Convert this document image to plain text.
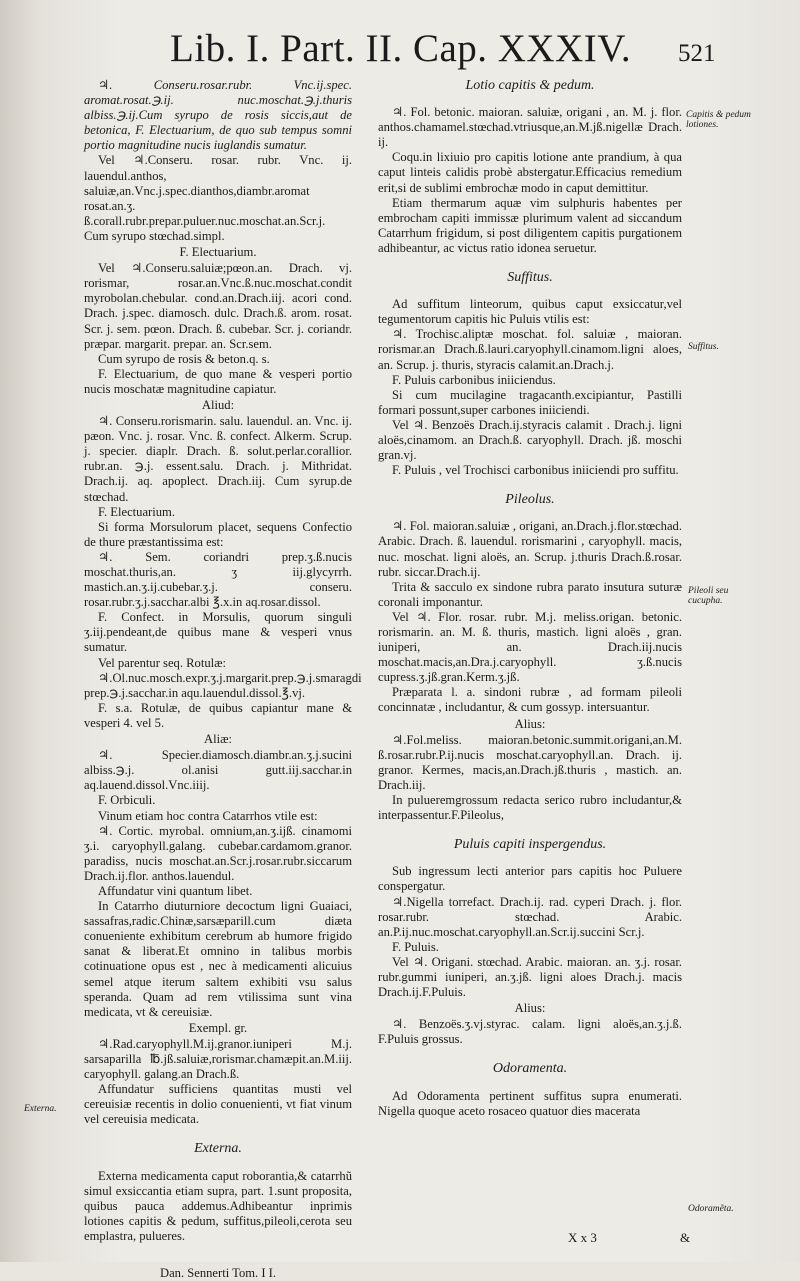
Lib. I. Part. II. Cap. XXXIV.	521

♃. Conseru.rosar.rubr. Vnc.ij.spec. aromat.rosat.℈.ij. nuc.moschat.℈.j.thuris albiss.℈.ij.Cum syrupo de rosis siccis,aut de betonica, F. Electuarium, de quo sub tempus somni portio magnitudine nucis iuglandis sumatur.

Vel ♃.Conseru. rosar. rubr. Vnc. ij. lauendul.anthos, saluiæ,an.Vnc.j.spec.dianthos,diambr.aromat rosat.an.ʒ. ß.corall.rubr.prepar.puluer.nuc.moschat.an.Scr.j. Cum syrupo stœchad.simpl.

F. Electuarium.

Vel ♃.Conseru.saluiæ;pœon.an. Drach. vj. rorismar, rosar.an.Vnc.ß.nuc.moschat.condit myrobolan.chebular. cond.an.Drach.iij. acori cond. Drach. j.spec. diamosch. dulc. Drach.ß. arom. rosat. Scr. j. sem. pœon. Drach. ß. cubebar. Scr. j. coriandr. præpar. margarit. prepar. an. Scr.sem.

Cum syrupo de rosis & beton.q. s.

F. Electuarium, de quo mane & vesperi portio nucis moschatæ magnitudine capiatur.

Aliud:

♃. Conseru.rorismarin. salu. lauendul. an. Vnc. ij. pæon. Vnc. j. rosar. Vnc. ß. confect. Alkerm. Scrup. j. specier. diaplr. Drach. ß. solut.perlar.corallior. rubr.an. ℈.j. essent.salu. Drach. j. Mithridat. Drach.ij. aq. apoplect. Drach.iij. Cum syrup.de stœchad.

F. Electuarium.

Si forma Morsulorum placet, sequens Confectio de thure præstantissima est:

♃. Sem. coriandri prep.ʒ.ß.nucis moschat.thuris,an. ʒ iij.glycyrrh. mastich.an.ʒ.ij.cubebar.ʒ.j. conseru. rosar.rubr.ʒ.j.sacchar.albi ℥.x.in aq.rosar.dissol.

F. Confect. in Morsulis, quorum singuli ʒ.iij.pendeant,de quibus mane & vesperi vnus sumatur.

Vel parentur seq. Rotulæ:

♃.Ol.nuc.mosch.expr.ʒ.j.margarit.prep.℈.j.smaragdi prep.℈.j.sacchar.in aqu.lauendul.dissol.℥.vj.

F. s.a. Rotulæ, de quibus capiantur mane & vesperi 4. vel 5.

Aliæ:

♃. Specier.diamosch.diambr.an.ʒ.j.sucini albiss.℈.j. ol.anisi gutt.iij.sacchar.in aq.lauend.dissol.Vnc.iiij.

F. Orbiculi.

Vinum etiam hoc contra Catarrhos vtile est:

♃. Cortic. myrobal. omnium,an.ʒ.ijß. cinamomi ʒ.i. caryophyll.galang. cubebar.cardamom.granor. paradiss, nucis moschat.an.Scr.j.rosar.rubr.siccarum Drach.ij.flor. anthos.lauendul.

Affundatur vini quantum libet.

In Catarrho diuturniore decoctum ligni Guaiaci, sassafras,radic.Chinæ,sarsæparill.cum diæta conueniente exhibitum cerebrum ab humore frigido sanat & liberat.Et omnino in talibus morbis cotinuatione opus est , nec à medicamenti alicuius semel atque iterum saltem exhibiti vsu salus speranda. Quam ad rem vtilissima sunt vina medicata, vt & cereuisiæ.

Exempl. gr.

♃.Rad.caryophyll.M.ij.granor.iuniperi M.j. sarsaparilla ℔.jß.saluiæ,rorismar.chamæpit.an.M.iij. caryophyll. galang.an Drach.ß.

Affundatur sufficiens quantitas musti vel cereuisiæ recentis in dolio conuenienti, vt fiat vinum vel cereuisia medicata.

Externa.

Externa medicamenta caput roborantia,& catarrhũ simul exsiccantia etiam supra, part. 1.sunt proposita, quibus pauca addemus.Adhibeantur inprimis lotiones capitis & pedum, suffitus,pileoli,cerota seu emplastra, pulueres.

Dan. Sennerti Tom. I I.

Lotio capitis & pedum.

♃. Fol. betonic. maioran. saluiæ, origani , an. M. j. flor. anthos.chamamel.stœchad.vtriusque,an.M.jß.nigellæ Drach. ij.

Coqu.in lixiuio pro capitis lotione ante prandium, à qua caput linteis calidis probè abstergatur.Efficacius remedium erit,si de sublimi embrochæ modo in caput demittitur.

Etiam thermarum aquæ vim sulphuris habentes per embrocham capiti immissæ plurimum valent ad siccandum Catarrhum frigidum, si post diligentem capitis purgationem adhibeantur, ac victus ratio idonea seruetur.

Suffitus.

Ad suffitum linteorum, quibus caput exsiccatur,vel tegumentorum capitis hic Puluis vtilis est:

♃. Trochisc.aliptæ moschat. fol. saluiæ , maioran. rorismar.an Drach.ß.lauri.caryophyll.cinamom.ligni aloes, an. Scrup. j. thuris, styracis calamit.an.Drach.j.

F. Puluis carbonibus iniiciendus.

Si cum mucilagine tragacanth.excipiantur, Pastilli formari possunt,super carbones iniiciendi.

Vel ♃. Benzoës Drach.ij.styracis calamit . Drach.j. ligni aloës,cinamom. an Drach.ß. caryophyll. Drach. jß. moschi gran.vj.

F. Puluis , vel Trochisci carbonibus iniiciendi pro suffitu.

Pileolus.

♃. Fol. maioran.saluiæ , origani, an.Drach.j.flor.stœchad. Arabic. Drach. ß. lauendul. rorismarini , caryophyll. macis, nuc. moschat. ligni aloës, an. Scrup. j.thuris Drach.ß.rosar. rubr. siccar.Drach.ij.

Trita & sacculo ex sindone rubra parato insutura suturæ coronali imponantur.

Vel ♃. Flor. rosar. rubr. M.j. meliss.origan. betonic. rorismarin. an. M. ß. thuris, mastich. ligni aloës , gran. iuniperi, an. Drach.iij.nucis moschat.macis,an.Dra.j.caryophyll. ʒ.ß.nucis cupress.ʒ.jß.gran.Kerm.ʒ.jß.

Præparata l. a. sindoni rubræ , ad formam pileoli concinnatæ , includantur, & cum gossyp. intersuantur.

Alius:

♃.Fol.meliss. maioran.betonic.summit.origani,an.M. ß.rosar.rubr.P.ij.nucis moschat.caryophyll.an. Drach. ij. granor. Kermes, macis,an.Drach.jß.thuris , mastich. an. Drach.iij.

In pulueremgrossum redacta serico rubro includantur,& interpassentur.F.Pileolus,

Puluis capiti inspergendus.

Sub ingressum lecti anterior pars capitis hoc Puluere conspergatur.

♃.Nigella torrefact. Drach.ij. rad. cyperi Drach. j. flor. rosar.rubr. stœchad. Arabic. an.P.ij.nuc.moschat.caryophyll.an.Scr.ij.succini Scr.j.

F. Puluis.

Vel ♃. Origani. stœchad. Arabic. maioran. an. ʒ.j. rosar. rubr.gummi iuniperi, an.ʒ.jß. ligni aloes Drach.j. macis Drach.ij.F.Puluis.

Alius:

♃. Benzoës.ʒ.vj.styrac. calam. ligni aloës,an.ʒ.j.ß. F.Puluis grossus.

Odoramenta.

Ad Odoramenta pertinent suffitus supra enumerati. Nigella quoque aceto rosaceo quatuor dies macerata

Capitis & pedum lotiones.
Suffitus.
Pileoli seu cucupha.
Externa.
Odoramẽta.
X x 3	&
